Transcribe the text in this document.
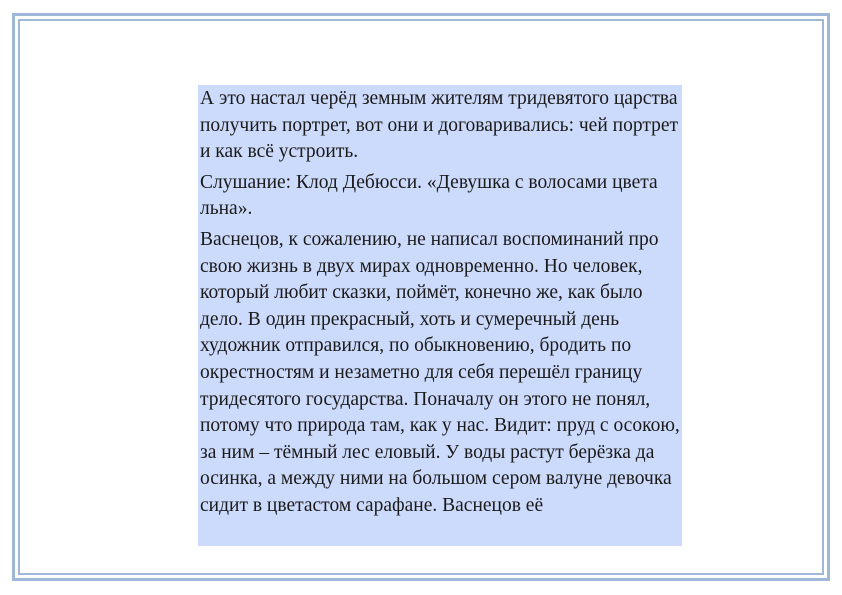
А это настал черёд земным жителям тридевятого царства получить портрет, вот они и договаривались: чей портрет и как всё устроить.

Слушание: Клод Дебюсси. «Девушка с волосами цвета льна».

Васнецов, к сожалению, не написал воспоминаний про свою жизнь в двух мирах одновременно. Но человек, который любит сказки, поймёт, конечно же, как было дело. В один прекрасный, хоть и сумеречный день художник отправился, по обыкновению, бродить по окрестностям и незаметно для себя перешёл границу тридесятого государства. Поначалу он этого не понял, потому что природа там, как у нас. Видит: пруд с осокою, за ним – тёмный лес еловый. У воды растут берёзка да осинка, а между ними на большом сером валуне девочка сидит в цветастом сарафане. Васнецов её
